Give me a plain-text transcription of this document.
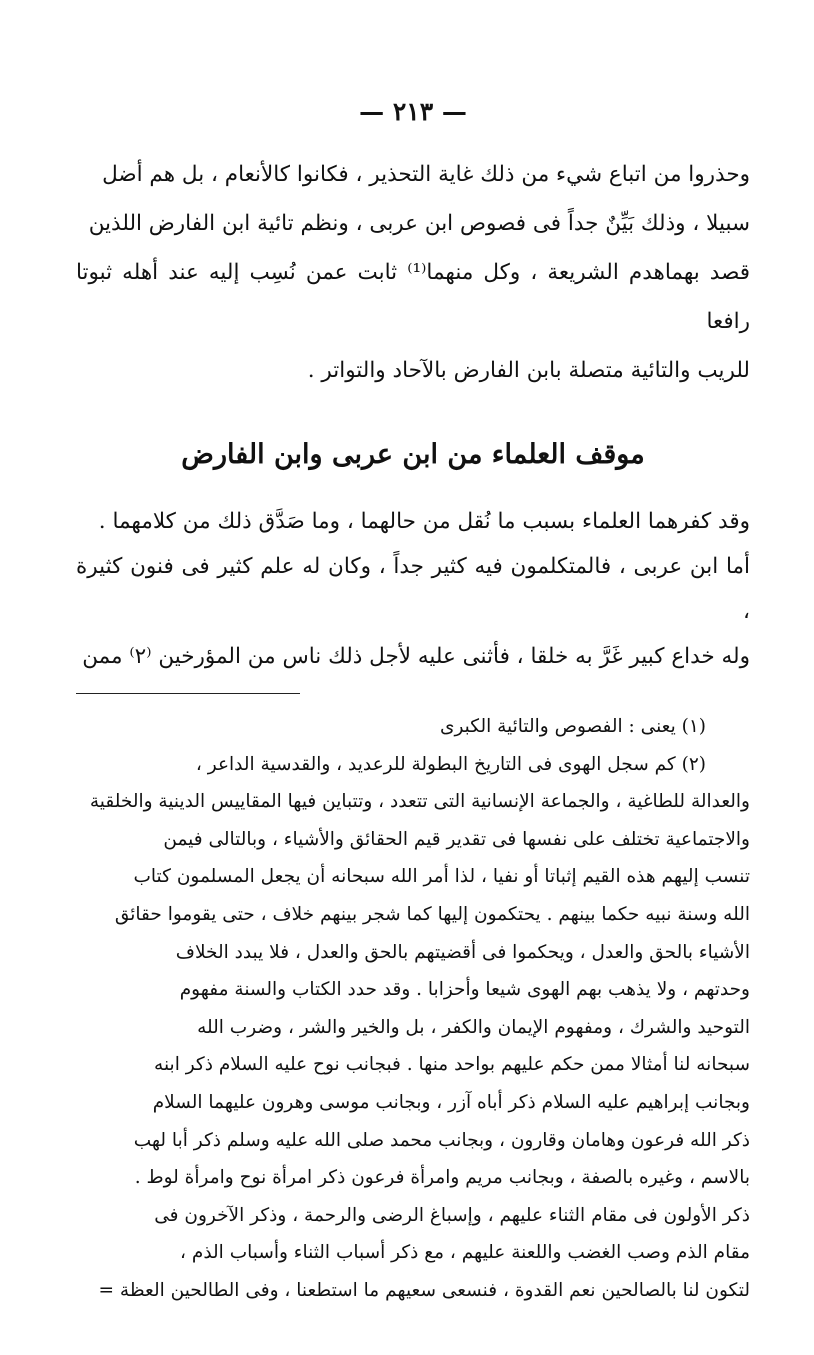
— ٢١٣ —

وحذروا من اتباع شيء من ذلك غاية التحذير ، فكانوا كالأنعام ، بل هم أضل

سبيلا ، وذلك بَيِّنٌ جداً فى فصوص ابن عربى ، ونظم تائية ابن الفارض اللذين

قصد بهماهدم الشريعة ، وكل منهما⁽¹⁾ ثابت عمن نُسِب إليه عند أهله ثبوتا رافعا

للريب والتائية متصلة بابن الفارض بالآحاد والتواتر .

موقف العلماء من ابن عربى وابن الفارض

وقد كفرهما العلماء بسبب ما نُقل من حالهما ، وما صَدَّق ذلك من كلامهما .

أما ابن عربى ، فالمتكلمون فيه كثير جداً ، وكان له علم كثير فى فنون كثيرة ،

وله خداع كبير غَرَّ به خلقا ، فأثنى عليه لأجل ذلك ناس من المؤرخين ⁽٢⁾ ممن

(١) يعنى : الفصوص والتائية الكبرى

(٢) كم سجل الهوى فى التاريخ البطولة للرعديد ، والقدسية الداعر ،

والعدالة للطاغية ، والجماعة الإنسانية التى تتعدد ، وتتباين فيها المقاييس الدينية والخلقية

والاجتماعية تختلف على نفسها فى تقدير قيم الحقائق والأشياء ، وبالتالى فيمن

تنسب إليهم هذه القيم إثباتا أو نفيا ، لذا أمر الله سبحانه أن يجعل المسلمون كتاب

الله وسنة نبيه حكما بينهم . يحتكمون إليها كما شجر بينهم خلاف ، حتى يقوموا حقائق

الأشياء بالحق والعدل ، ويحكموا فى أقضيتهم بالحق والعدل ، فلا يبدد الخلاف

وحدتهم ، ولا يذهب بهم الهوى شيعا وأحزابا . وقد حدد الكتاب والسنة مفهوم

التوحيد والشرك ، ومفهوم الإيمان والكفر ، بل والخير والشر ، وضرب الله

سبحانه لنا أمثالا ممن حكم عليهم بواحد منها . فبجانب نوح عليه السلام ذكر ابنه

وبجانب إبراهيم عليه السلام ذكر أباه آزر ، وبجانب موسى وهرون عليهما السلام

ذكر الله فرعون وهامان وقارون ، وبجانب محمد صلى الله عليه وسلم ذكر أبا لهب

بالاسم ، وغيره بالصفة ، وبجانب مريم وامرأة فرعون ذكر امرأة نوح وامرأة لوط .

ذكر الأولون فى مقام الثناء عليهم ، وإسباغ الرضى والرحمة ، وذكر الآخرون فى

مقام الذم وصب الغضب واللعنة عليهم ، مع ذكر أسباب الثناء وأسباب الذم ،

لتكون لنا بالصالحين نعم القدوة ، فنسعى سعيهم ما استطعنا ، وفى الطالحين العظة =
